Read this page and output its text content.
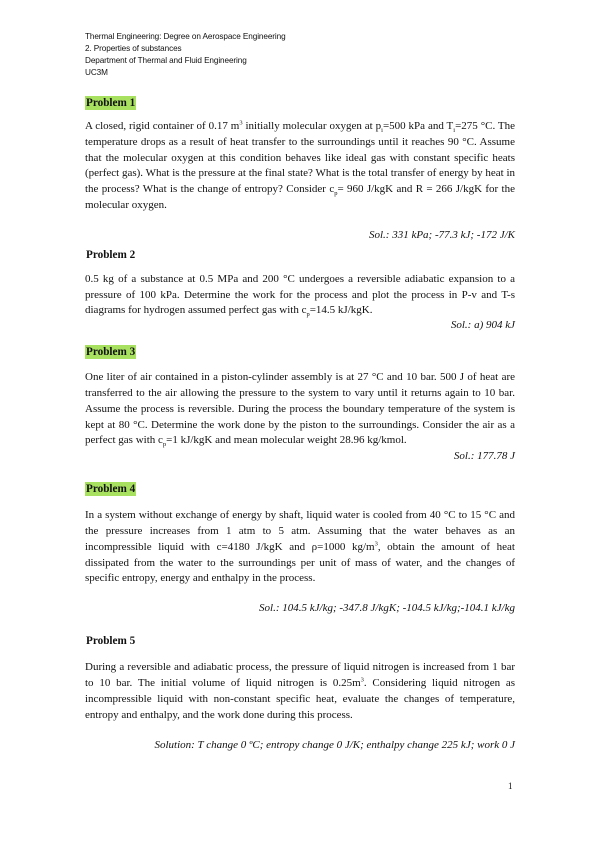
Thermal Engineering: Degree on Aerospace Engineering
2. Properties of substances
Department of Thermal and Fluid Engineering
UC3M
Problem 1

A closed, rigid container of 0.17 $m^3$ initially molecular oxygen at $p_i=500$ kPa and $T_i=275$ °C. The temperature drops as a result of heat transfer to the surroundings until it reaches 90 °C. Assume that the molecular oxygen at this condition behaves like ideal gas with constant specific heats (perfect gas). What is the pressure at the final state? What is the total transfer of energy by heat in the process? What is the change of entropy? Consider $c_p= 960$ J/kgK and R = 266 J/kgK for the molecular oxygen.

Sol.: 331 kPa; -77.3 kJ; -172 J/K

Problem 2

0.5 kg of a substance at 0.5 MPa and 200 °C undergoes a reversible adiabatic expansion to a pressure of 100 kPa. Determine the work for the process and plot the process in P-v and T-s diagrams for hydrogen assumed perfect gas with $c_p=14.5$ kJ/kgK.

Sol.: a) 904 kJ

Problem 3

One liter of air contained in a piston-cylinder assembly is at 27 °C and 10 bar. 500 J of heat are transferred to the air allowing the pressure to the system to vary until it returns again to 10 bar. Assume the process is reversible. During the process the boundary temperature of the system is kept at 80 °C. Determine the work done by the piston to the surroundings. Consider the air as a perfect gas with $c_p=1$ kJ/kgK and mean molecular weight 28.96 kg/kmol.

Sol.: 177.78 J

Problem 4

In a system without exchange of energy by shaft, liquid water is cooled from 40 °C to 15 °C and the pressure increases from 1 atm to 5 atm. Assuming that the water behaves as an incompressible liquid with c=4180 J/kgK and ρ=1000 $kg/m^3$, obtain the amount of heat dissipated from the water to the surroundings per unit of mass of water, and the changes of specific entropy, energy and enthalpy in the process.

Sol.: 104.5 kJ/kg; -347.8 J/kgK; -104.5 kJ/kg;-104.1 kJ/kg

Problem 5

During a reversible and adiabatic process, the pressure of liquid nitrogen is increased from 1 bar to 10 bar. The initial volume of liquid nitrogen is $0.25m^3$. Considering liquid nitrogen as incompressible liquid with non-constant specific heat, evaluate the changes of temperature, entropy and enthalpy, and the work done during this process.

Solution: T change 0 ºC; entropy change 0 J/K; enthalpy change 225 kJ; work 0 J

1
